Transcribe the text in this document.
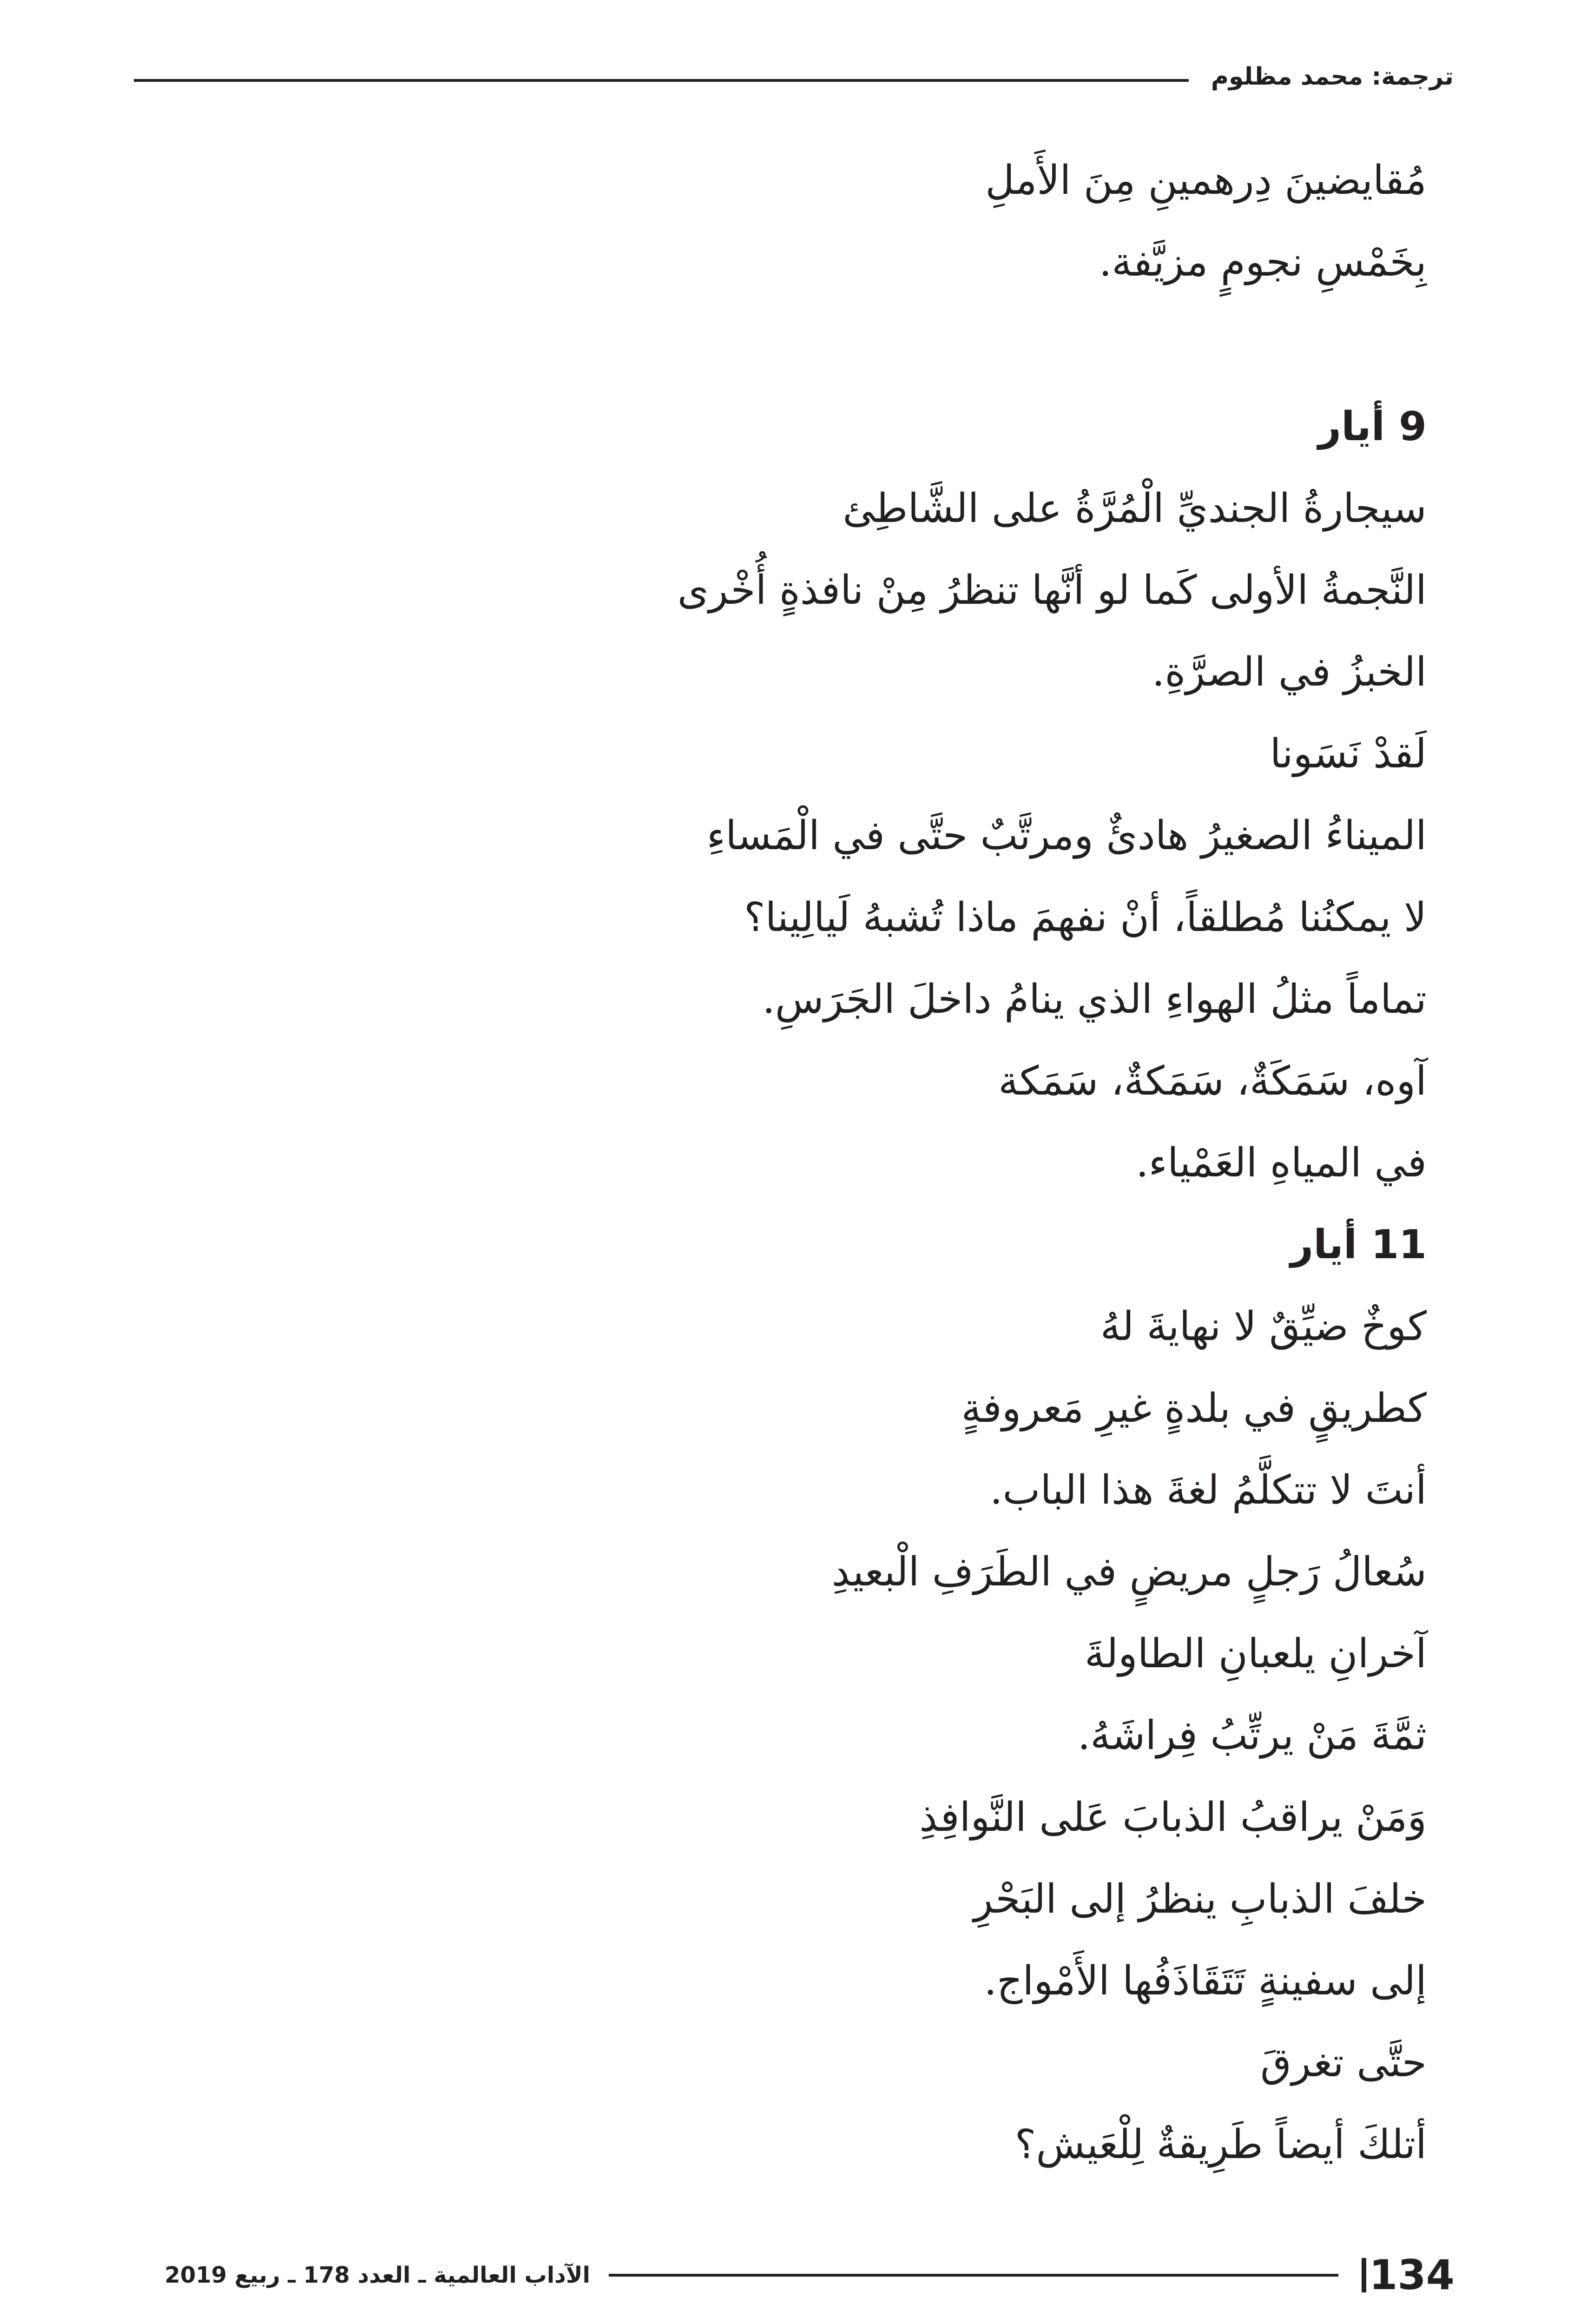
ترجمة: محمد مظلوم
مُقايضينَ دِرهمينِ مِنَ الأَملِ
بِخَمْسِ نجومٍ مزيَّفة.
9 أيار
سيجارةُ الجنديِّ الْمُرَّةُ على الشَّاطِئ
النَّجمةُ الأولى كَما لو أنَّها تنظرُ مِنْ نافذةٍ أُخْرى
الخبزُ في الصرَّةِ.
لَقدْ نَسَونا
الميناءُ الصغيرُ هادئٌ ومرتَّبٌ حتَّى في الْمَساءِ
لا يمكنُنا مُطلقاً، أنْ نفهمَ ماذا تُشبهُ لَيالِينا؟
تماماً مثلُ الهواءِ الذي ينامُ داخلَ الجَرَسِ.
آوه، سَمَكَةٌ، سَمَكةٌ، سَمَكة
في المياهِ العَمْياء.
11 أيار
كوخٌ ضيِّقٌ لا نهايةَ لهُ
كطريقٍ في بلدةٍ غيرِ مَعروفةٍ
أنتَ لا تتكلَّمُ لغةَ هذا الباب.
سُعالُ رَجلٍ مريضٍ في الطَرَفِ الْبعيدِ
آخرانِ يلعبانِ الطاولةَ
ثمَّةَ مَنْ يرتِّبُ فِراشَهُ.
وَمَنْ يراقبُ الذبابَ عَلى النَّوافِذِ
خلفَ الذبابِ ينظرُ إلى البَحْرِ
إلى سفينةٍ تَتَقَاذَفُها الأَمْواج.
حتَّى تغرقَ
أتلكَ أيضاً طَرِيقةٌ لِلْعَيش؟
الآداب العالمية ـ العدد 178 ـ ربيع 2019	134
